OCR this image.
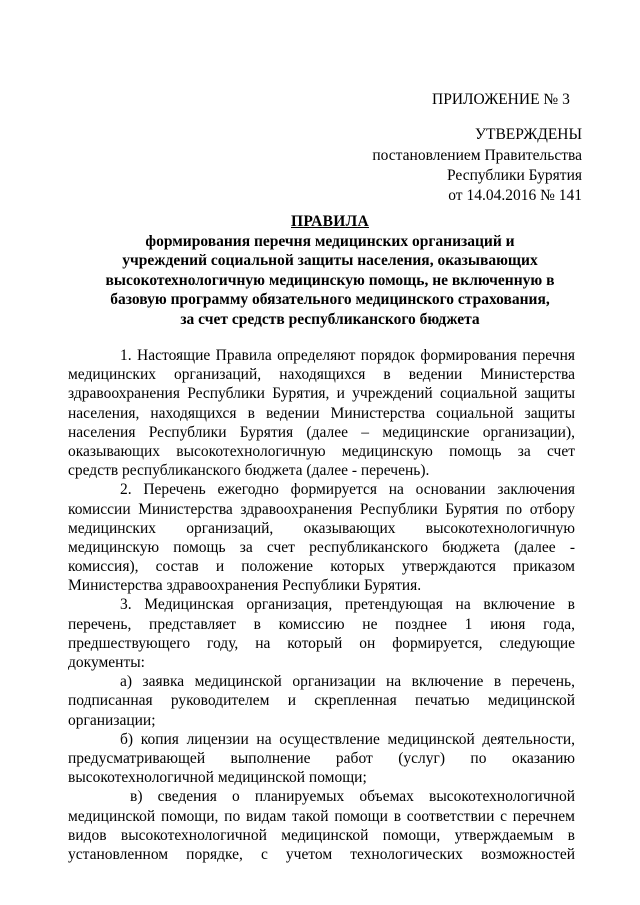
ПРИЛОЖЕНИЕ № 3
УТВЕРЖДЕНЫ
постановлением Правительства
Республики Бурятия
от 14.04.2016 № 141
ПРАВИЛА
формирования перечня медицинских организаций и
учреждений социальной защиты населения, оказывающих
высокотехнологичную медицинскую помощь, не включенную в
базовую программу обязательного медицинского страхования,
за счет средств республиканского бюджета
1. Настоящие Правила определяют порядок формирования перечня
медицинских организаций, находящихся в ведении Министерства
здравоохранения Республики Бурятия, и учреждений социальной защиты
населения, находящихся в ведении Министерства социальной защиты
населения Республики Бурятия (далее – медицинские организации),
оказывающих высокотехнологичную медицинскую помощь за счет
средств республиканского бюджета (далее - перечень).
2. Перечень ежегодно формируется на основании заключения
комиссии Министерства здравоохранения Республики Бурятия по отбору
медицинских организаций, оказывающих высокотехнологичную
медицинскую помощь за счет республиканского бюджета (далее -
комиссия), состав и положение которых утверждаются приказом
Министерства здравоохранения Республики Бурятия.
3. Медицинская организация, претендующая на включение в
перечень, представляет в комиссию не позднее 1 июня года,
предшествующего году, на который он формируется, следующие
документы:
а) заявка медицинской организации на включение в перечень,
подписанная руководителем и скрепленная печатью медицинской
организации;
б) копия лицензии на осуществление медицинской деятельности,
предусматривающей выполнение работ (услуг) по оказанию
высокотехнологичной медицинской помощи;
в) сведения о планируемых объемах высокотехнологичной
медицинской помощи, по видам такой помощи в соответствии с перечнем
видов высокотехнологичной медицинской помощи, утверждаемым в
установленном порядке, с учетом технологических возможностей
